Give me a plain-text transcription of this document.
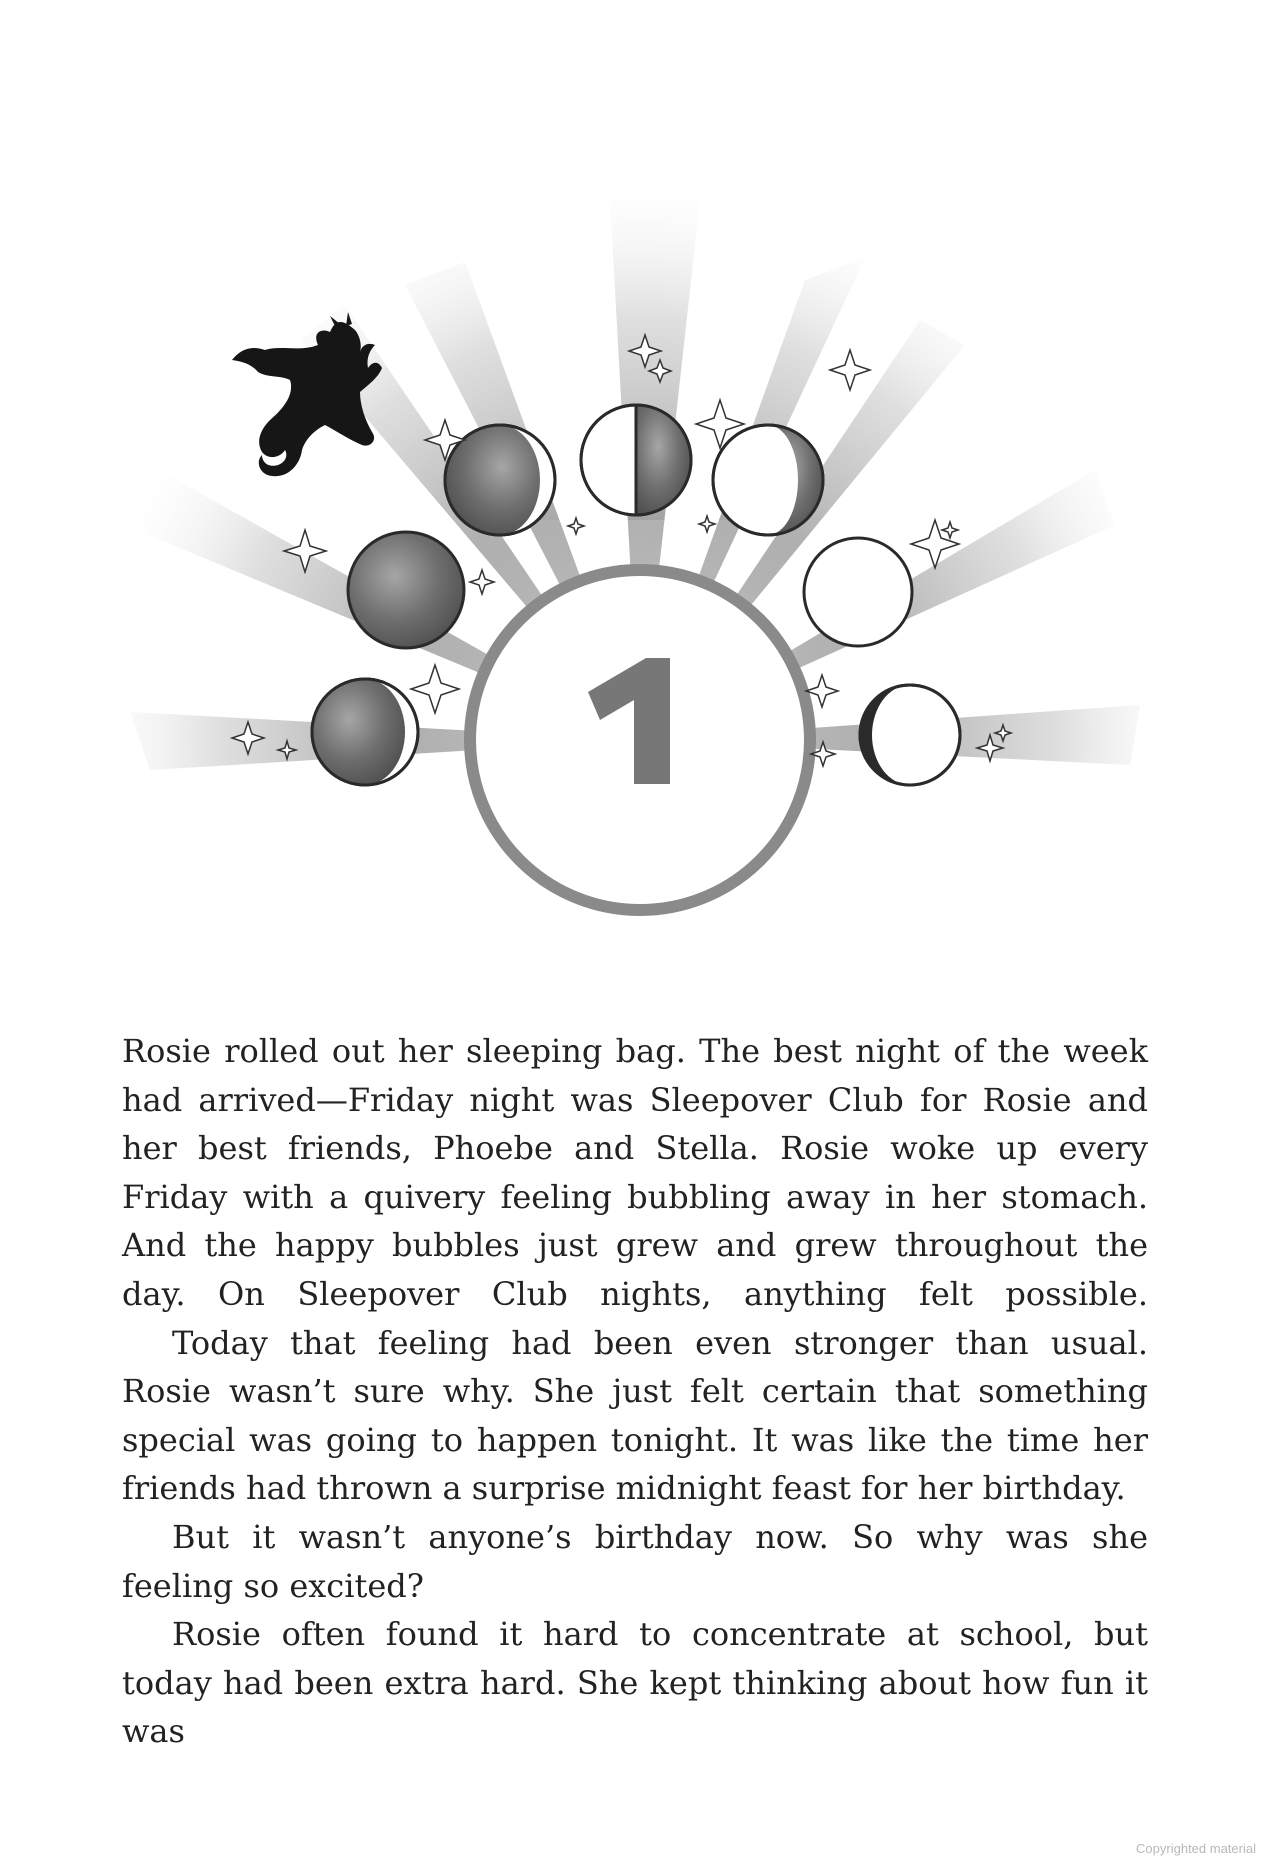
Rosie rolled out her sleeping bag. The best night of the week had arrived—Friday night was Sleepover Club for Rosie and her best friends, Phoebe and Stella. Rosie woke up every Friday with a quivery feeling bubbling away in her stomach. And the happy bubbles just grew and grew throughout the day. On Sleepover Club nights, anything felt possible.

Today that feeling had been even stronger than usual. Rosie wasn’t sure why. She just felt certain that something special was going to happen tonight. It was like the time her friends had thrown a surprise midnight feast for her birthday.

But it wasn’t anyone’s birthday now. So why was she feeling so excited?

Rosie often found it hard to concentrate at school, but today had been extra hard. She kept thinking about how fun it was

Copyrighted material
